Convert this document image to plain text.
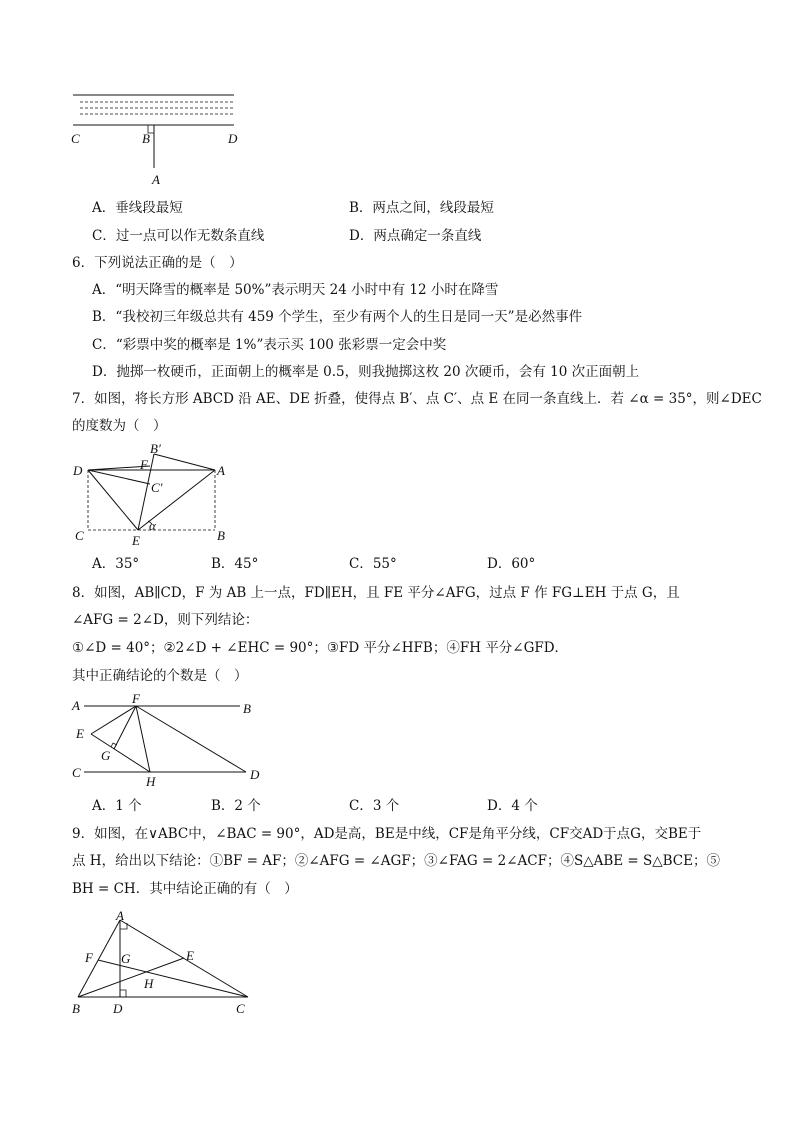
C	B	D
A
A．垂线段最短	B．两点之间，线段最短
C．过一点可以作无数条直线	D．两点确定一条直线
6．下列说法正确的是（　）
A．“明天降雪的概率是 50%”表示明天 24 小时中有 12 小时在降雪
B．“我校初三年级总共有 459 个学生，至少有两个人的生日是同一天”是必然事件
C．“彩票中奖的概率是 1%”表示买 100 张彩票一定会中奖
D．抛掷一枚硬币，正面朝上的概率是 0.5，则我抛掷这枚 20 次硬币，会有 10 次正面朝上
7．如图，将长方形 ABCD 沿 AE、DE 折叠，使得点 B′、点 C′、点 E 在同一条直线上．若 ∠α = 35°，则∠DEC
的度数为（　）
B′
D	F	A
C′
C	E
α
B
A．35°	B．45°	C．55°	D．60°
8．如图，AB∥CD，F 为 AB 上一点，FD∥EH，且 FE 平分∠AFG，过点 F 作 FG⊥EH 于点 G，且
∠AFG = 2∠D，则下列结论：
①∠D = 40°；②2∠D + ∠EHC = 90°；③FD 平分∠HFB；④FH 平分∠GFD．
其中正确结论的个数是（　）
A	F
B
E
G
C
H	D
A．1 个	B．2 个	C．3 个	D．4 个
9．如图，在∨ABC中，∠BAC = 90°，AD是高，BE是中线，CF是角平分线，CF交AD于点G，交BE于
点 H，给出以下结论：①BF = AF；②∠AFG = ∠AGF；③∠FAG = 2∠ACF；④S△ABE = S△BCE；⑤
BH = CH．其中结论正确的有（　）
A
F G	E
H
B	D	C
